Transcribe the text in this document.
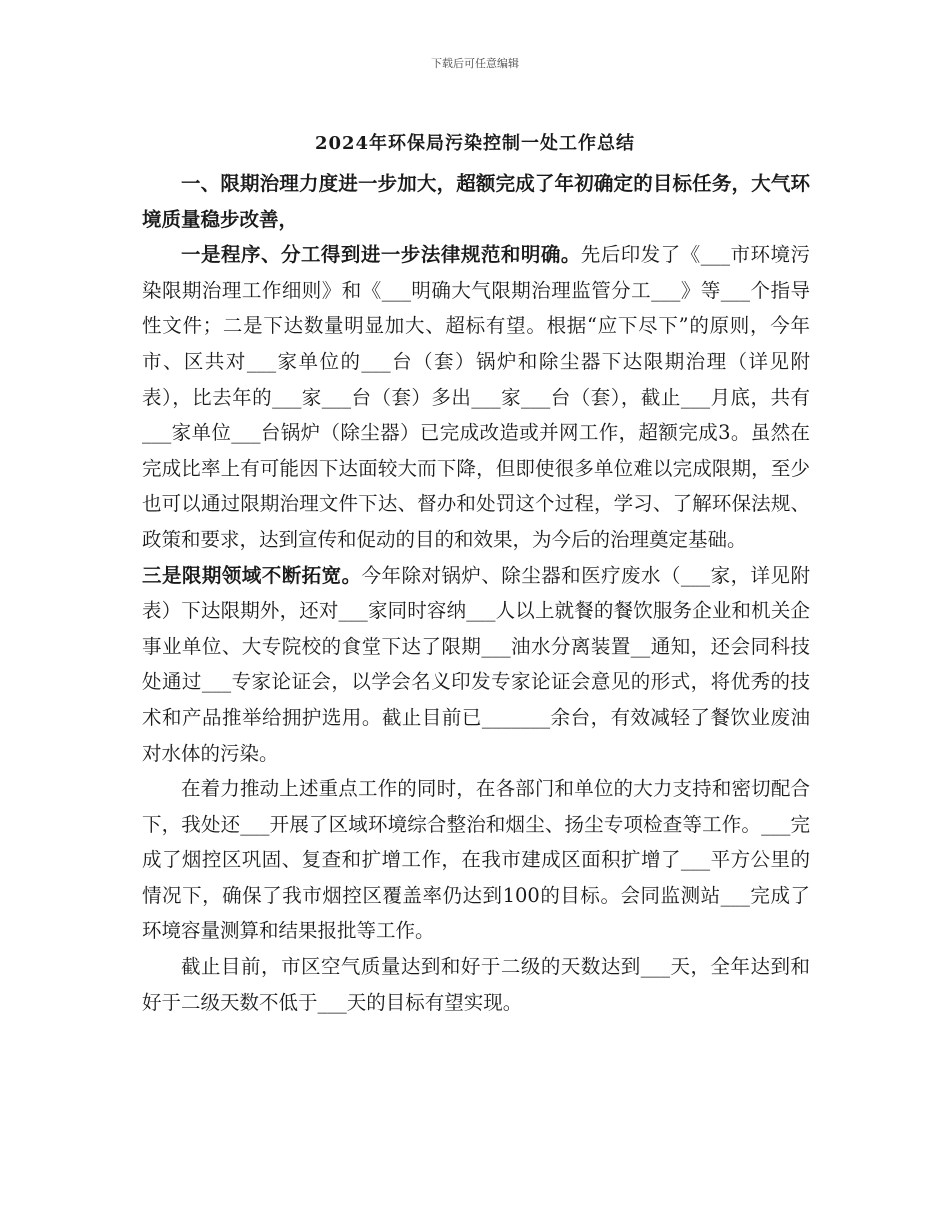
下载后可任意编辑
2024年环保局污染控制一处工作总结

一、限期治理力度进一步加大，超额完成了年初确定的目标任务，大气环境质量稳步改善，

一是程序、分工得到进一步法律规范和明确。先后印发了《___市环境污染限期治理工作细则》和《___明确大气限期治理监管分工___》等___个指导性文件；二是下达数量明显加大、超标有望。根据“应下尽下”的原则，今年市、区共对___家单位的___台（套）锅炉和除尘器下达限期治理（详见附表），比去年的___家___台（套）多出___家___台（套），截止___月底，共有___家单位___台锅炉（除尘器）已完成改造或并网工作，超额完成3。虽然在完成比率上有可能因下达面较大而下降，但即使很多单位难以完成限期，至少也可以通过限期治理文件下达、督办和处罚这个过程，学习、了解环保法规、政策和要求，达到宣传和促动的目的和效果，为今后的治理奠定基础。

三是限期领域不断拓宽。今年除对锅炉、除尘器和医疗废水（___家，详见附表）下达限期外，还对___家同时容纳___人以上就餐的餐饮服务企业和机关企事业单位、大专院校的食堂下达了限期___油水分离装置__通知，还会同科技处通过___专家论证会，以学会名义印发专家论证会意见的形式，将优秀的技术和产品推举给拥护选用。截止目前已_______余台，有效减轻了餐饮业废油对水体的污染。

在着力推动上述重点工作的同时，在各部门和单位的大力支持和密切配合下，我处还___开展了区域环境综合整治和烟尘、扬尘专项检查等工作。___完成了烟控区巩固、复查和扩增工作，在我市建成区面积扩增了___平方公里的情况下，确保了我市烟控区覆盖率仍达到100的目标。会同监测站___完成了环境容量测算和结果报批等工作。

截止目前，市区空气质量达到和好于二级的天数达到___天，全年达到和好于二级天数不低于___天的目标有望实现。
